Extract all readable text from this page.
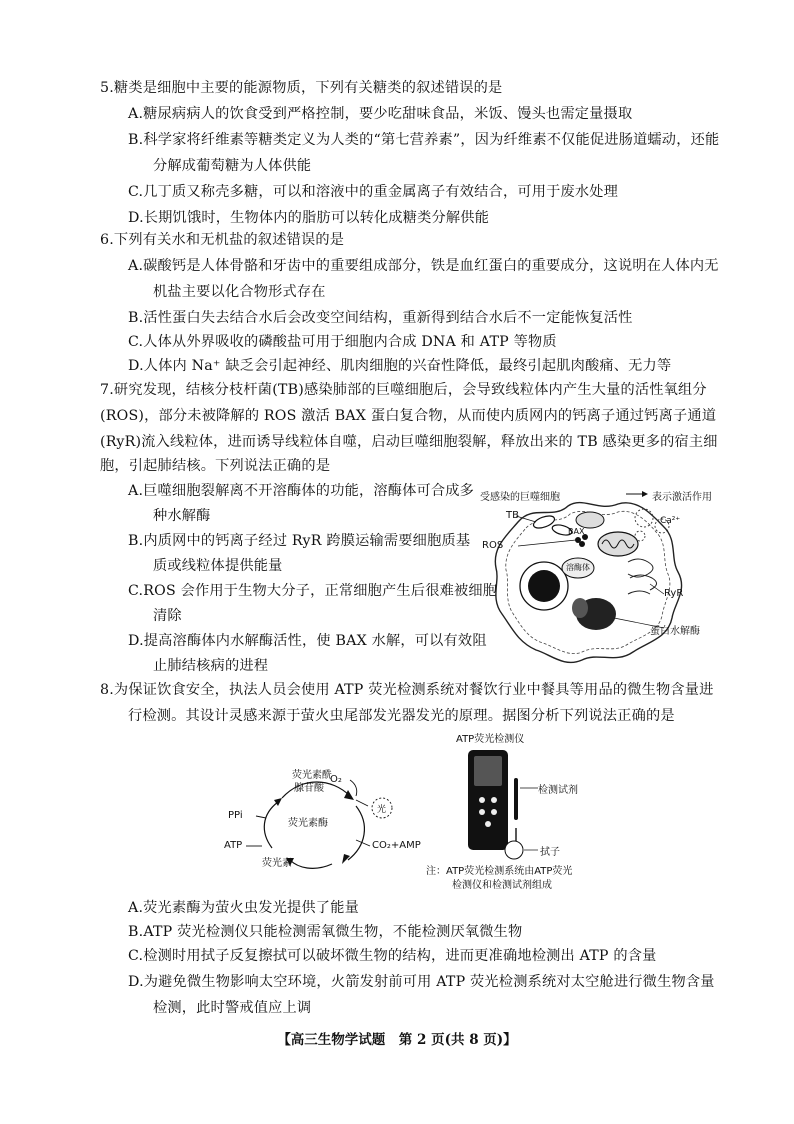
5.糖类是细胞中主要的能源物质，下列有关糖类的叙述错误的是
A.糖尿病病人的饮食受到严格控制，要少吃甜味食品，米饭、馒头也需定量摄取
B.科学家将纤维素等糖类定义为人类的“第七营养素”，因为纤维素不仅能促进肠道蠕动，还能
分解成葡萄糖为人体供能
C.几丁质又称壳多糖，可以和溶液中的重金属离子有效结合，可用于废水处理
D.长期饥饿时，生物体内的脂肪可以转化成糖类分解供能
6.下列有关水和无机盐的叙述错误的是
A.碳酸钙是人体骨骼和牙齿中的重要组成部分，铁是血红蛋白的重要成分，这说明在人体内无
机盐主要以化合物形式存在
B.活性蛋白失去结合水后会改变空间结构，重新得到结合水后不一定能恢复活性
C.人体从外界吸收的磷酸盐可用于细胞内合成 DNA 和 ATP 等物质
D.人体内 Na⁺ 缺乏会引起神经、肌肉细胞的兴奋性降低，最终引起肌肉酸痛、无力等
7.研究发现，结核分枝杆菌(TB)感染肺部的巨噬细胞后，会导致线粒体内产生大量的活性氧组分
(ROS)，部分未被降解的 ROS 激活 BAX 蛋白复合物，从而使内质网内的钙离子通过钙离子通道
(RyR)流入线粒体，进而诱导线粒体自噬，启动巨噬细胞裂解，释放出来的 TB 感染更多的宿主细
胞，引起肺结核。下列说法正确的是
A.巨噬细胞裂解离不开溶酶体的功能，溶酶体可合成多
种水解酶
B.内质网中的钙离子经过 RyR 跨膜运输需要细胞质基
质或线粒体提供能量
C.ROS 会作用于生物大分子，正常细胞产生后很难被细胞
清除
D.提高溶酶体内水解酶活性，使 BAX 水解，可以有效阻
止肺结核病的进程
受感染的巨噬细胞	表示激活作用
TB
ROS
BAX
Ca²⁺
溶酶体
RyR
蛋白水解酶
8.为保证饮食安全，执法人员会使用 ATP 荧光检测系统对餐饮行业中餐具等用品的微生物含量进
行检测。其设计灵感来源于萤火虫尾部发光器发光的原理。据图分析下列说法正确的是
荧光素酰
腺苷酸
O₂
光
荧光素酶
PPi
ATP
荧光素
CO₂+AMP
ATP荧光检测仪
检测试剂
拭子
注：ATP荧光检测系统由ATP荧光
检测仪和检测试剂组成
A.荧光素酶为萤火虫发光提供了能量
B.ATP 荧光检测仪只能检测需氧微生物，不能检测厌氧微生物
C.检测时用拭子反复擦拭可以破坏微生物的结构，进而更准确地检测出 ATP 的含量
D.为避免微生物影响太空环境，火箭发射前可用 ATP 荧光检测系统对太空舱进行微生物含量
检测，此时警戒值应上调
【高三生物学试题　第 2 页(共 8 页)】
